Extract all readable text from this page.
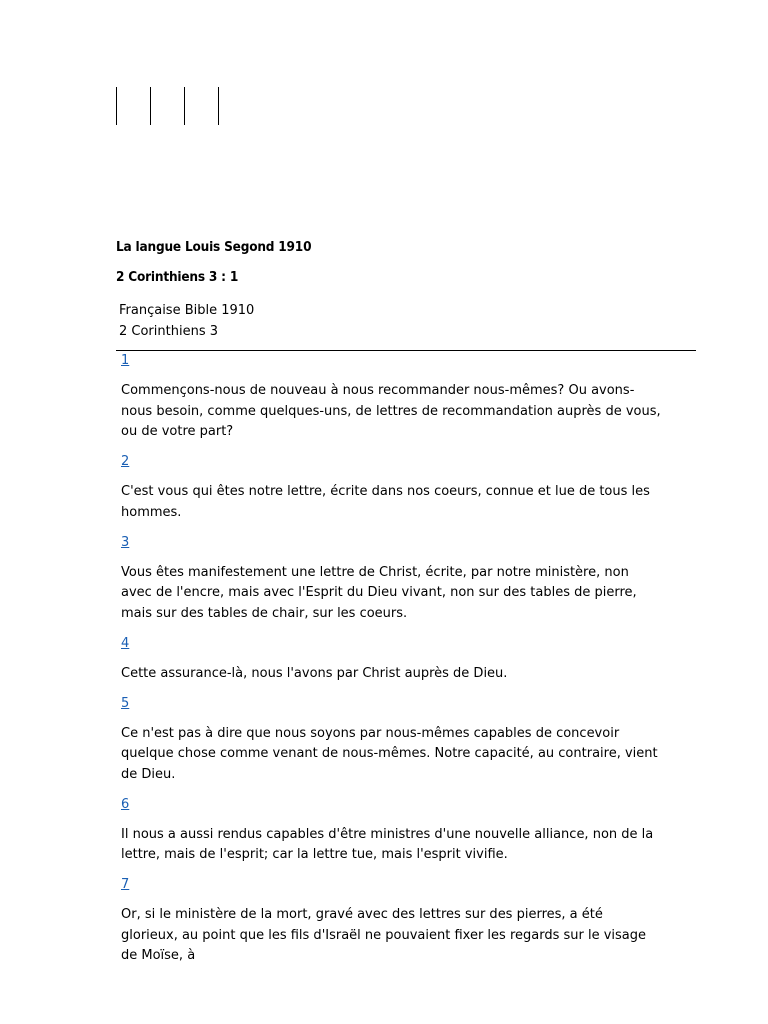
La langue Louis Segond 1910
2 Corinthiens 3 : 1
Française Bible 1910
2 Corinthiens 3
1
Commençons-nous de nouveau à nous recommander nous-mêmes? Ou avons-nous besoin, comme quelques-uns, de lettres de recommandation auprès de vous, ou de votre part?
2
C'est vous qui êtes notre lettre, écrite dans nos coeurs, connue et lue de tous les hommes.
3
Vous êtes manifestement une lettre de Christ, écrite, par notre ministère, non avec de l'encre, mais avec l'Esprit du Dieu vivant, non sur des tables de pierre, mais sur des tables de chair, sur les coeurs.
4
Cette assurance-là, nous l'avons par Christ auprès de Dieu.
5
Ce n'est pas à dire que nous soyons par nous-mêmes capables de concevoir quelque chose comme venant de nous-mêmes. Notre capacité, au contraire, vient de Dieu.
6
Il nous a aussi rendus capables d'être ministres d'une nouvelle alliance, non de la lettre, mais de l'esprit; car la lettre tue, mais l'esprit vivifie.
7
Or, si le ministère de la mort, gravé avec des lettres sur des pierres, a été glorieux, au point que les fils d'Israël ne pouvaient fixer les regards sur le visage de Moïse, à
